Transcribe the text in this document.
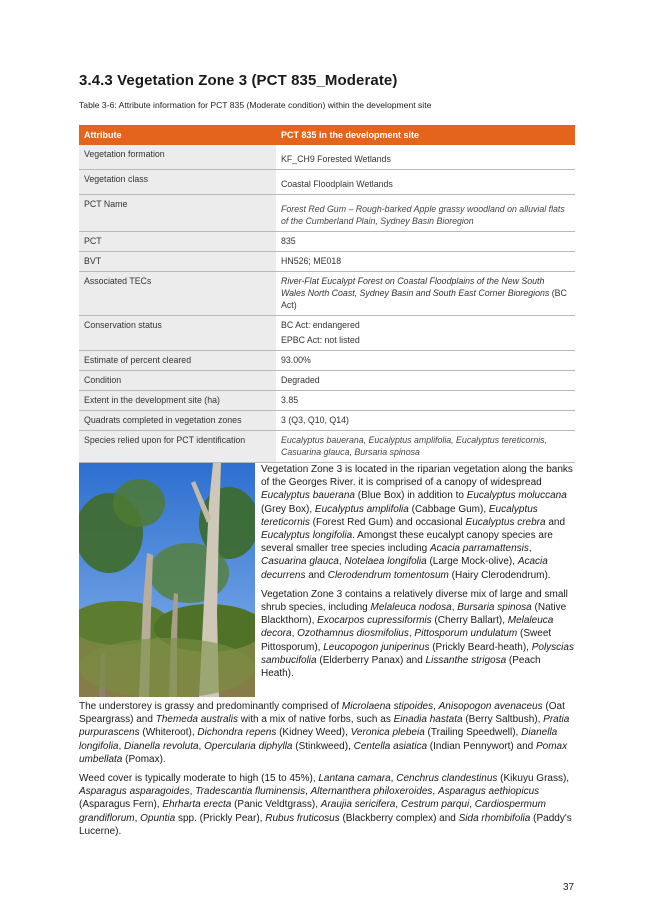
3.4.3 Vegetation Zone 3 (PCT 835_Moderate)
Table 3-6: Attribute information for PCT 835 (Moderate condition) within the development site
Attribute	PCT 835 in the development site
Vegetation formation	KF_CH9 Forested Wetlands
Vegetation class	Coastal Floodplain Wetlands
PCT Name	Forest Red Gum – Rough-barked Apple grassy woodland on alluvial flats of the Cumberland Plain, Sydney Basin Bioregion
PCT	835
BVT	HN526; ME018
Associated TECs	River-Flat Eucalypt Forest on Coastal Floodplains of the New South Wales North Coast, Sydney Basin and South East Corner Bioregions (BC Act)
Conservation status	BC Act: endangered

EPBC Act: not listed

Estimate of percent cleared	93.00%
Condition	Degraded
Extent in the development site (ha)	3.85
Quadrats completed in vegetation zones	3 (Q3, Q10, Q14)
Species relied upon for PCT identification	Eucalyptus bauerana, Eucalyptus amplifolia, Eucalyptus tereticornis, Casuarina glauca, Bursaria spinosa

Vegetation Zone 3 is located in the riparian vegetation along the banks of the Georges River. it is comprised of a canopy of widespread Eucalyptus bauerana (Blue Box) in addition to Eucalyptus moluccana (Grey Box), Eucalyptus amplifolia (Cabbage Gum), Eucalyptus tereticornis (Forest Red Gum) and occasional Eucalyptus crebra and Eucalyptus longifolia. Amongst these eucalypt canopy species are several smaller tree species including Acacia parramattensis, Casuarina glauca, Notelaea longifolia (Large Mock-olive), Acacia decurrens and Clerodendrum tomentosum (Hairy Clerodendrum).

Vegetation Zone 3 contains a relatively diverse mix of large and small shrub species, including Melaleuca nodosa, Bursaria spinosa (Native Blackthorn), Exocarpos cupressiformis (Cherry Ballart), Melaleuca decora, Ozothamnus diosmifolius, Pittosporum undulatum (Sweet Pittosporum), Leucopogon juniperinus (Prickly Beard-heath), Polyscias sambucifolia (Elderberry Panax) and Lissanthe strigosa (Peach Heath).

The understorey is grassy and predominantly comprised of Microlaena stipoides, Anisopogon avenaceus (Oat Speargrass) and Themeda australis with a mix of native forbs, such as Einadia hastata (Berry Saltbush), Pratia purpurascens (Whiteroot), Dichondra repens (Kidney Weed), Veronica plebeia (Trailing Speedwell), Dianella longifolia, Dianella revoluta, Opercularia diphylla (Stinkweed), Centella asiatica (Indian Pennywort) and Pomax umbellata (Pomax).

Weed cover is typically moderate to high (15 to 45%), Lantana camara, Cenchrus clandestinus (Kikuyu Grass), Asparagus asparagoides, Tradescantia fluminensis, Alternanthera philoxeroides, Asparagus aethiopicus (Asparagus Fern), Ehrharta erecta (Panic Veldtgrass), Araujia sericifera, Cestrum parqui, Cardiospermum grandiflorum, Opuntia spp. (Prickly Pear), Rubus fruticosus (Blackberry complex) and Sida rhombifolia (Paddy's Lucerne).

37
